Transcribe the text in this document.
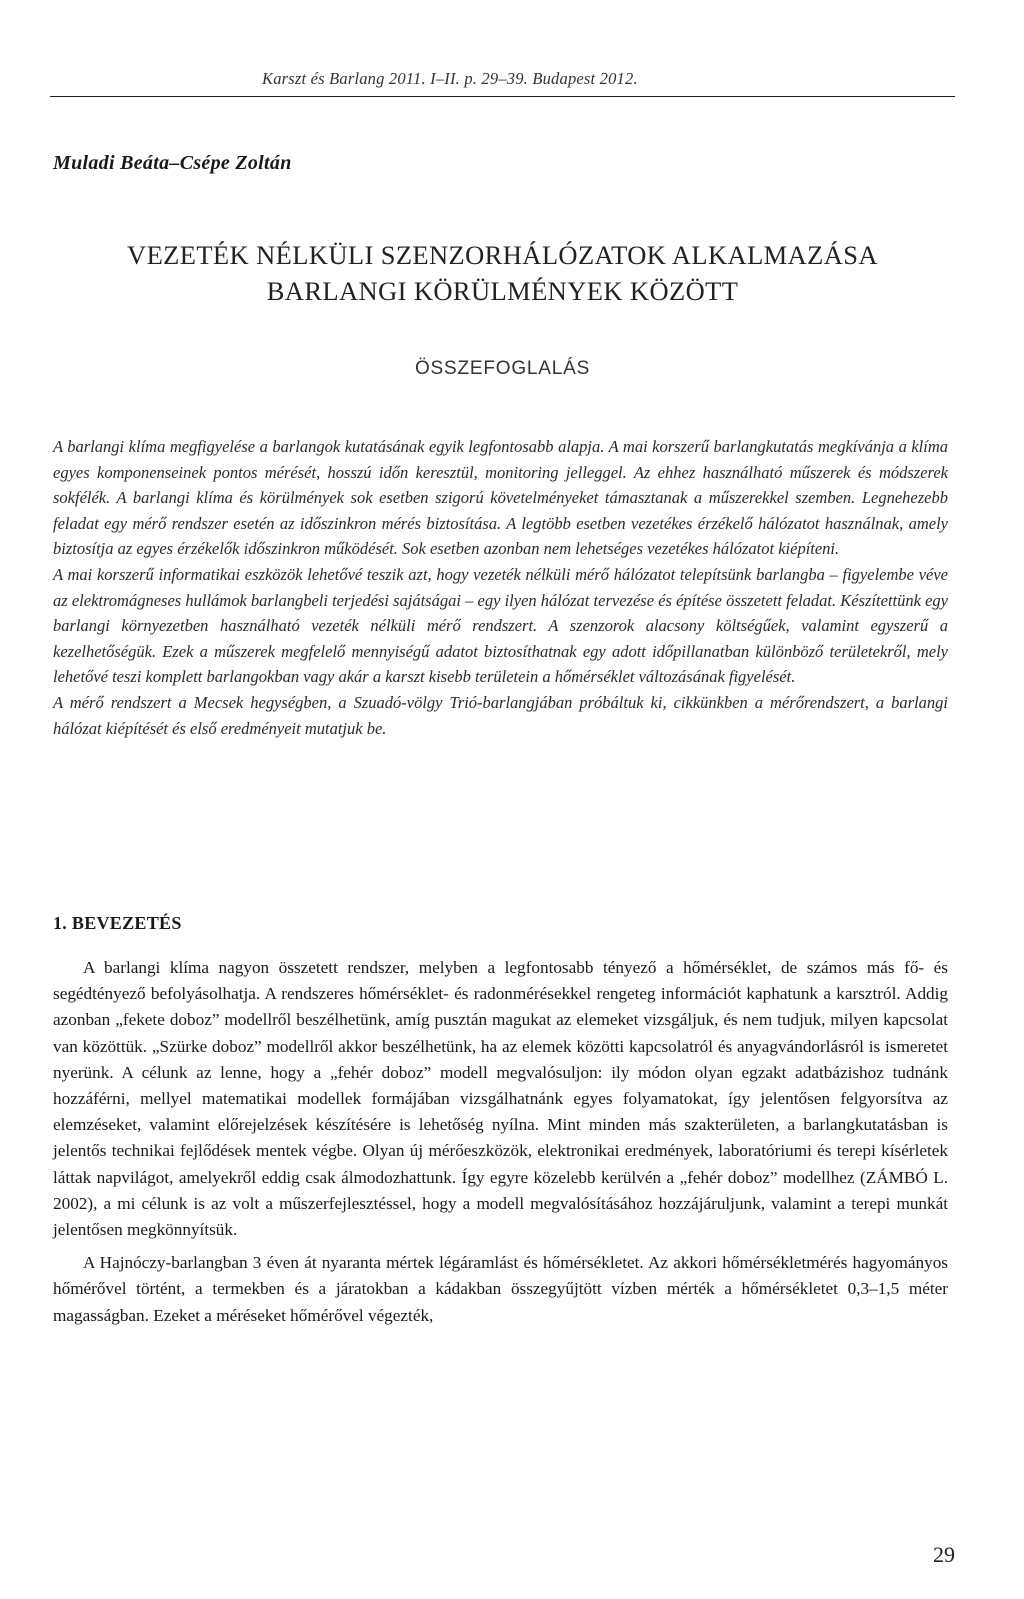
Karszt és Barlang 2011. I–II. p. 29–39. Budapest 2012.
Muladi Beáta–Csépe Zoltán
VEZETÉK NÉLKÜLI SZENZORHÁLÓZATOK ALKALMAZÁSA
BARLANGI KÖRÜLMÉNYEK KÖZÖTT
ÖSSZEFOGLALÁS

A barlangi klíma megfigyelése a barlangok kutatásának egyik legfontosabb alapja. A mai korszerű barlangkutatás megkívánja a klíma egyes komponenseinek pontos mérését, hosszú időn keresztül, monitoring jelleggel. Az ehhez használható műszerek és módszerek sokfélék. A barlangi klíma és körülmények sok esetben szigorú követelményeket támasztanak a műszerekkel szemben. Legnehezebb feladat egy mérő rendszer esetén az időszinkron mérés biztosítása. A legtöbb esetben vezetékes érzékelő hálózatot használnak, amely biztosítja az egyes érzékelők időszinkron működését. Sok esetben azonban nem lehetséges vezetékes hálózatot kiépíteni.

A mai korszerű informatikai eszközök lehetővé teszik azt, hogy vezeték nélküli mérő hálózatot telepítsünk barlangba – figyelembe véve az elektromágneses hullámok barlangbeli terjedési sajátságai – egy ilyen hálózat tervezése és építése összetett feladat. Készítettünk egy barlangi környezetben használható vezeték nélküli mérő rendszert. A szenzorok alacsony költségűek, valamint egyszerű a kezelhetőségük. Ezek a műszerek megfelelő mennyiségű adatot biztosíthatnak egy adott időpillanatban különböző területekről, mely lehetővé teszi komplett barlangokban vagy akár a karszt kisebb területein a hőmérséklet változásának figyelését.

A mérő rendszert a Mecsek hegységben, a Szuadó-völgy Trió-barlangjában próbáltuk ki, cikkünkben a mérőrendszert, a barlangi hálózat kiépítését és első eredményeit mutatjuk be.

1. BEVEZETÉS

A barlangi klíma nagyon összetett rendszer, melyben a legfontosabb tényező a hőmérséklet, de számos más fő- és segédtényező befolyásolhatja. A rendszeres hőmérséklet- és radonmérésekkel rengeteg információt kaphatunk a karsztról. Addig azonban „fekete doboz” modellről beszélhetünk, amíg pusztán magukat az elemeket vizsgáljuk, és nem tudjuk, milyen kapcsolat van közöttük. „Szürke doboz” modellről akkor beszélhetünk, ha az elemek közötti kapcsolatról és anyagvándorlásról is ismeretet nyerünk. A célunk az lenne, hogy a „fehér doboz” modell megvalósuljon: ily módon olyan egzakt adatbázishoz tudnánk hozzáférni, mellyel matematikai modellek formájában vizsgálhatnánk egyes folyamatokat, így jelentősen felgyorsítva az elemzéseket, valamint előrejelzések készítésére is lehetőség nyílna. Mint minden más szakterületen, a barlangkutatásban is jelentős technikai fejlődések mentek végbe. Olyan új mérőeszközök, elektronikai eredmények, laboratóriumi és terepi kísérletek láttak napvilágot, amelyekről eddig csak álmodozhattunk. Így egyre közelebb kerülvén a „fehér doboz” modellhez (ZÁMBÓ L. 2002), a mi célunk is az volt a műszerfejlesztéssel, hogy a modell megvalósításához hozzájáruljunk, valamint a terepi munkát jelentősen megkönnyítsük.

A Hajnóczy-barlangban 3 éven át nyaranta mértek légáramlást és hőmérsékletet. Az akkori hőmérsékletmérés hagyományos hőmérővel történt, a termekben és a járatokban a kádakban összegyűjtött vízben mérték a hőmérsékletet 0,3–1,5 méter magasságban. Ezeket a méréseket hőmérővel végezték,

29
